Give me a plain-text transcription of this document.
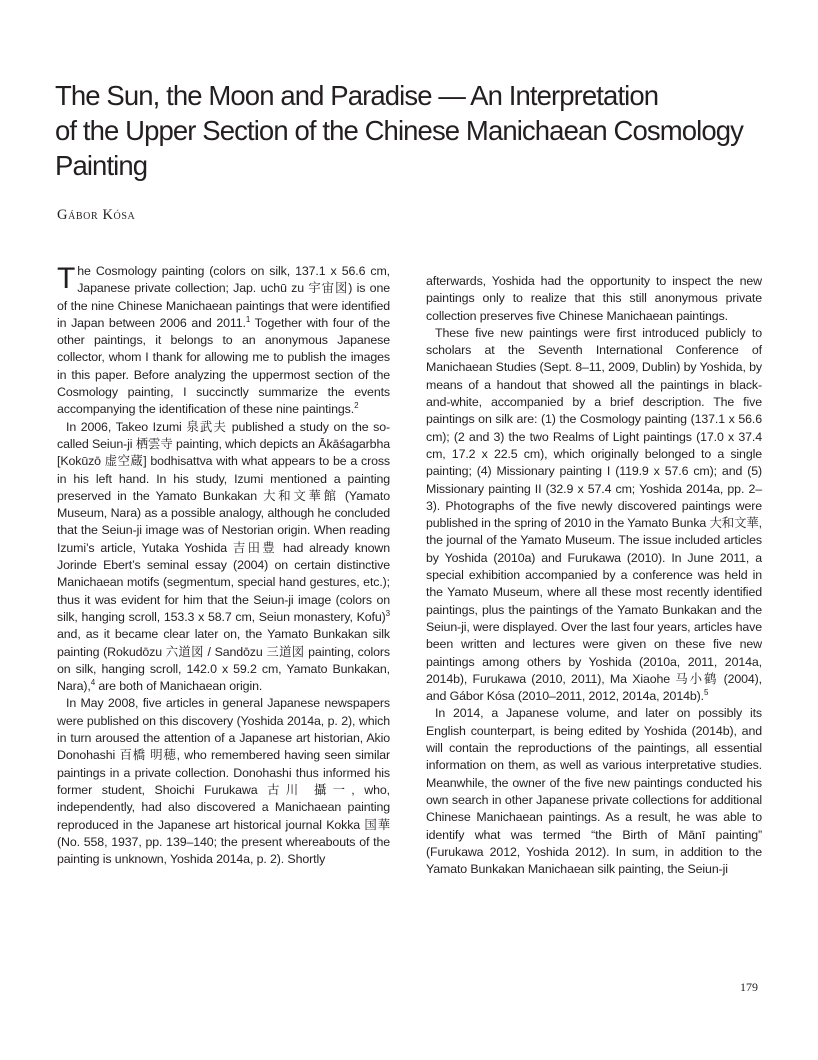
The Sun, the Moon and Paradise — An Interpretation
of the Upper Section of the Chinese Manichaean Cosmology
Painting
Gábor Kósa

The Cosmology painting (colors on silk, 137.1 x 56.6 cm, Japanese private collection; Jap. uchū zu 宇宙図) is one of the nine Chinese Manichaean paintings that were identified in Japan between 2006 and 2011.$^1$ Together with four of the other paintings, it belongs to an anonymous Japanese collector, whom I thank for allowing me to publish the images in this paper. Before analyzing the uppermost section of the Cosmology painting, I succinctly summarize the events accompanying the identification of these nine paintings.$^2$

In 2006, Takeo Izumi 泉武夫 published a study on the so-called Seiun-ji 栖雲寺 painting, which depicts an Ākāśagarbha [Kokūzō 虚空蔵] bodhisattva with what appears to be a cross in his left hand. In his study, Izumi mentioned a painting preserved in the Yamato Bunkakan 大和文華館 (Yamato Museum, Nara) as a possible analogy, although he concluded that the Seiun-ji image was of Nestorian origin. When reading Izumi’s article, Yutaka Yoshida 吉田豊 had already known Jorinde Ebert’s seminal essay (2004) on certain distinctive Manichaean motifs (segmentum, special hand gestures, etc.); thus it was evident for him that the Seiun-ji image (colors on silk, hanging scroll, 153.3 x 58.7 cm, Seiun monastery, Kofu)$^3$ and, as it became clear later on, the Yamato Bunkakan silk painting (Rokudōzu 六道図 / Sandōzu 三道図 painting, colors on silk, hanging scroll, 142.0 x 59.2 cm, Yamato Bunkakan, Nara),$^4$ are both of Manichaean origin.

In May 2008, five articles in general Japanese newspapers were published on this discovery (Yoshida 2014a, p. 2), which in turn aroused the attention of a Japanese art historian, Akio Donohashi 百橋 明穂, who remembered having seen similar paintings in a private collection. Donohashi thus informed his former student, Shoichi Furukawa 古川 攝一, who, independently, had also discovered a Manichaean painting reproduced in the Japanese art historical journal Kokka 国華 (No. 558, 1937, pp. 139–140; the present whereabouts of the painting is unknown, Yoshida 2014a, p. 2). Shortly

afterwards, Yoshida had the opportunity to inspect the new paintings only to realize that this still anonymous private collection preserves five Chinese Manichaean paintings.

These five new paintings were first introduced publicly to scholars at the Seventh International Conference of Manichaean Studies (Sept. 8–11, 2009, Dublin) by Yoshida, by means of a handout that showed all the paintings in black-and-white, accompanied by a brief description. The five paintings on silk are: (1) the Cosmology painting (137.1 x 56.6 cm); (2 and 3) the two Realms of Light paintings (17.0 x 37.4 cm, 17.2 x 22.5 cm), which originally belonged to a single painting; (4) Missionary painting I (119.9 x 57.6 cm); and (5) Missionary painting II (32.9 x 57.4 cm; Yoshida 2014a, pp. 2–3). Photographs of the five newly discovered paintings were published in the spring of 2010 in the Yamato Bunka 大和文華, the journal of the Yamato Museum. The issue included articles by Yoshida (2010a) and Furukawa (2010). In June 2011, a special exhibition accompanied by a conference was held in the Yamato Museum, where all these most recently identified paintings, plus the paintings of the Yamato Bunkakan and the Seiun-ji, were displayed. Over the last four years, articles have been written and lectures were given on these five new paintings among others by Yoshida (2010a, 2011, 2014a, 2014b), Furukawa (2010, 2011), Ma Xiaohe 马小鹤 (2004), and Gábor Kósa (2010–2011, 2012, 2014a, 2014b).$^5$

In 2014, a Japanese volume, and later on possibly its English counterpart, is being edited by Yoshida (2014b), and will contain the reproductions of the paintings, all essential information on them, as well as various interpretative studies. Meanwhile, the owner of the five new paintings conducted his own search in other Japanese private collections for additional Chinese Manichaean paintings. As a result, he was able to identify what was termed “the Birth of Mānī painting” (Furukawa 2012, Yoshida 2012). In sum, in addition to the Yamato Bunkakan Manichaean silk painting, the Seiun-ji

179
